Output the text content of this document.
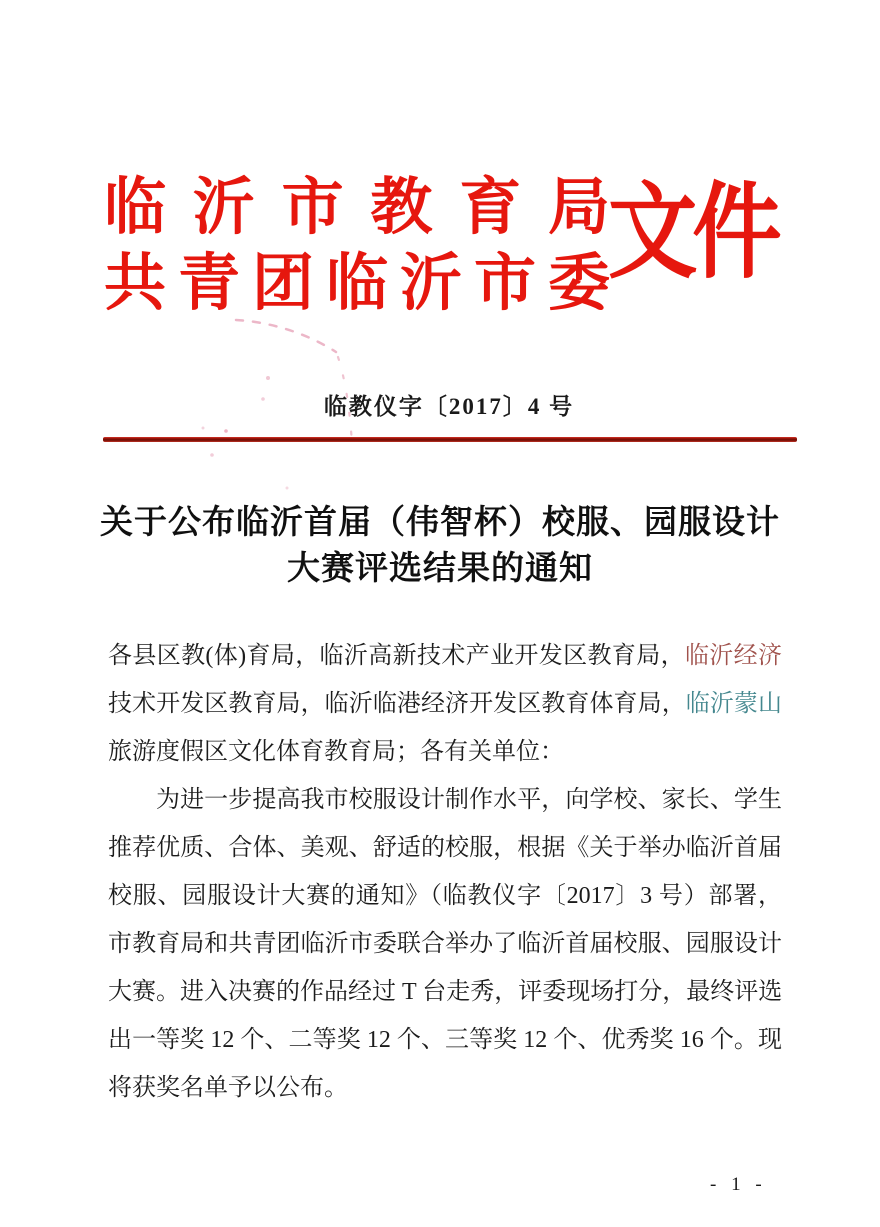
临沂市教育局
共青团临沂市委
文件
临教仪字〔2017〕4 号
关于公布临沂首届（伟智杯）校服、园服设计
大赛评选结果的通知
各县区教(体)育局，临沂高新技术产业开发区教育局，临沂经济
技术开发区教育局，临沂临港经济开发区教育体育局，临沂蒙山
旅游度假区文化体育教育局；各有关单位：
为进一步提高我市校服设计制作水平，向学校、家长、学生
推荐优质、合体、美观、舒适的校服，根据《关于举办临沂首届
校服、园服设计大赛的通知》（临教仪字〔2017〕3 号）部署，
市教育局和共青团临沂市委联合举办了临沂首届校服、园服设计
大赛。进入决赛的作品经过 T 台走秀，评委现场打分，最终评选
出一等奖 12 个、二等奖 12 个、三等奖 12 个、优秀奖 16 个。现
将获奖名单予以公布。
- 1 -
